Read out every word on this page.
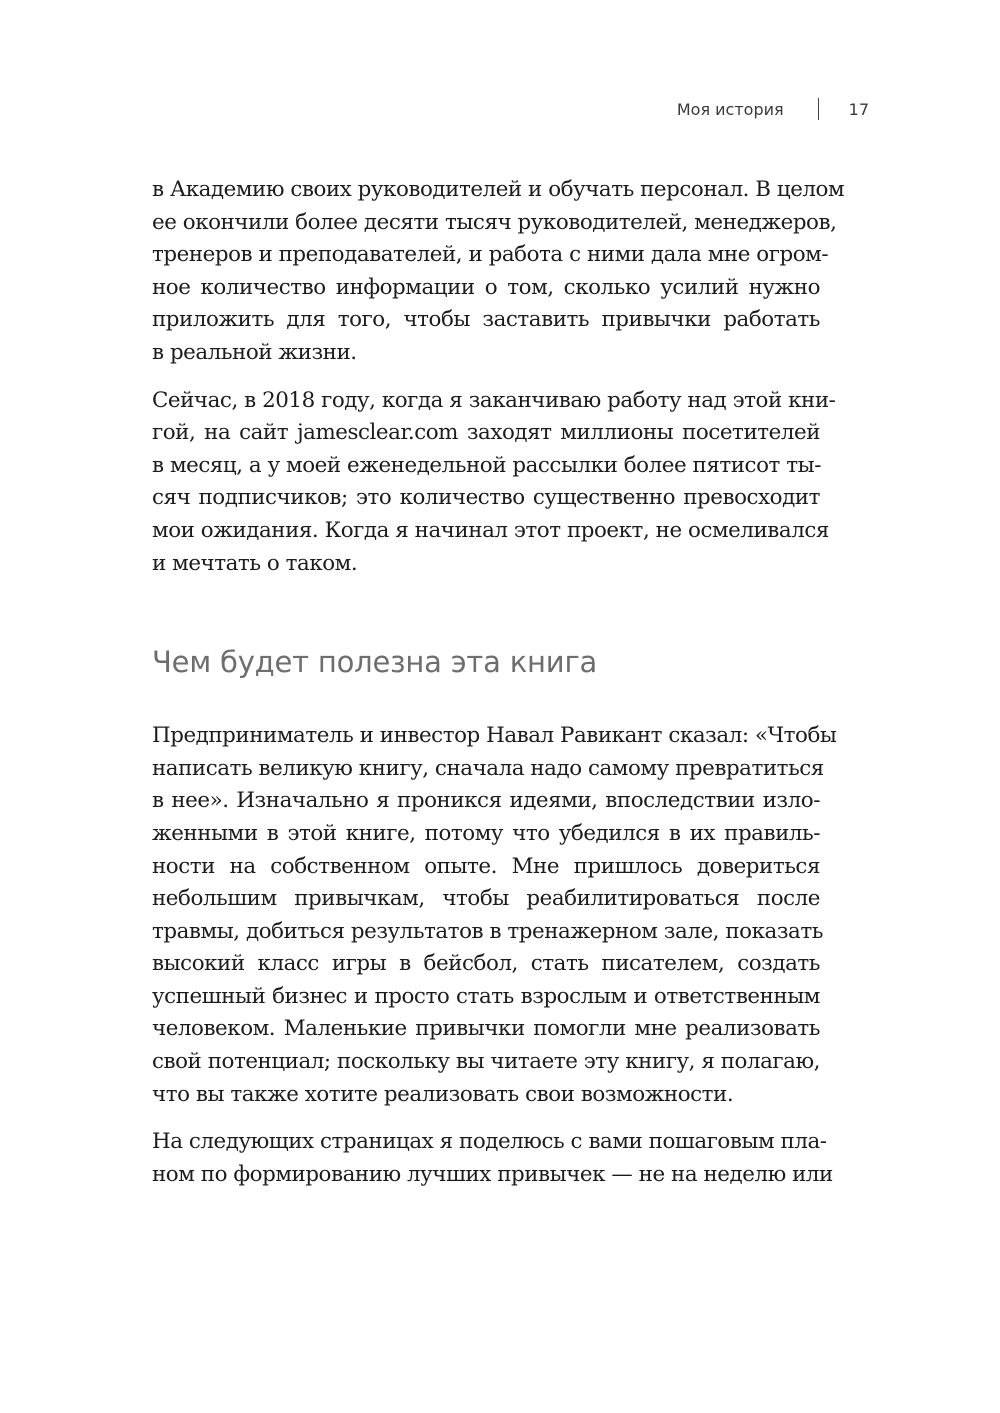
Моя история	17

в Академию своих руководителей и обучать персонал. В целом
ее окончили более десяти тысяч руководителей, менеджеров,
тренеров и преподавателей, и работа с ними дала мне огром-
ное количество информации о том, сколько усилий нужно
приложить для того, чтобы заставить привычки работать
в реальной жизни.

Сейчас, в 2018 году, когда я заканчиваю работу над этой кни-
гой, на сайт jamesclear.com заходят миллионы посетителей
в месяц, а у моей еженедельной рассылки более пятисот ты-
сяч подписчиков; это количество существенно превосходит
мои ожидания. Когда я начинал этот проект, не осмеливался
и мечтать о таком.

Чем будет полезна эта книга

Предприниматель и инвестор Навал Равикант сказал: «Чтобы
написать великую книгу, сначала надо самому превратиться
в нее». Изначально я проникся идеями, впоследствии изло-
женными в этой книге, потому что убедился в их правиль-
ности на собственном опыте. Мне пришлось довериться
небольшим привычкам, чтобы реабилитироваться после
травмы, добиться результатов в тренажерном зале, показать
высокий класс игры в бейсбол, стать писателем, создать
успешный бизнес и просто стать взрослым и ответственным
человеком. Маленькие привычки помогли мне реализовать
свой потенциал; поскольку вы читаете эту книгу, я полагаю,
что вы также хотите реализовать свои возможности.

На следующих страницах я поделюсь с вами пошаговым пла-
ном по формированию лучших привычек — не на неделю или
